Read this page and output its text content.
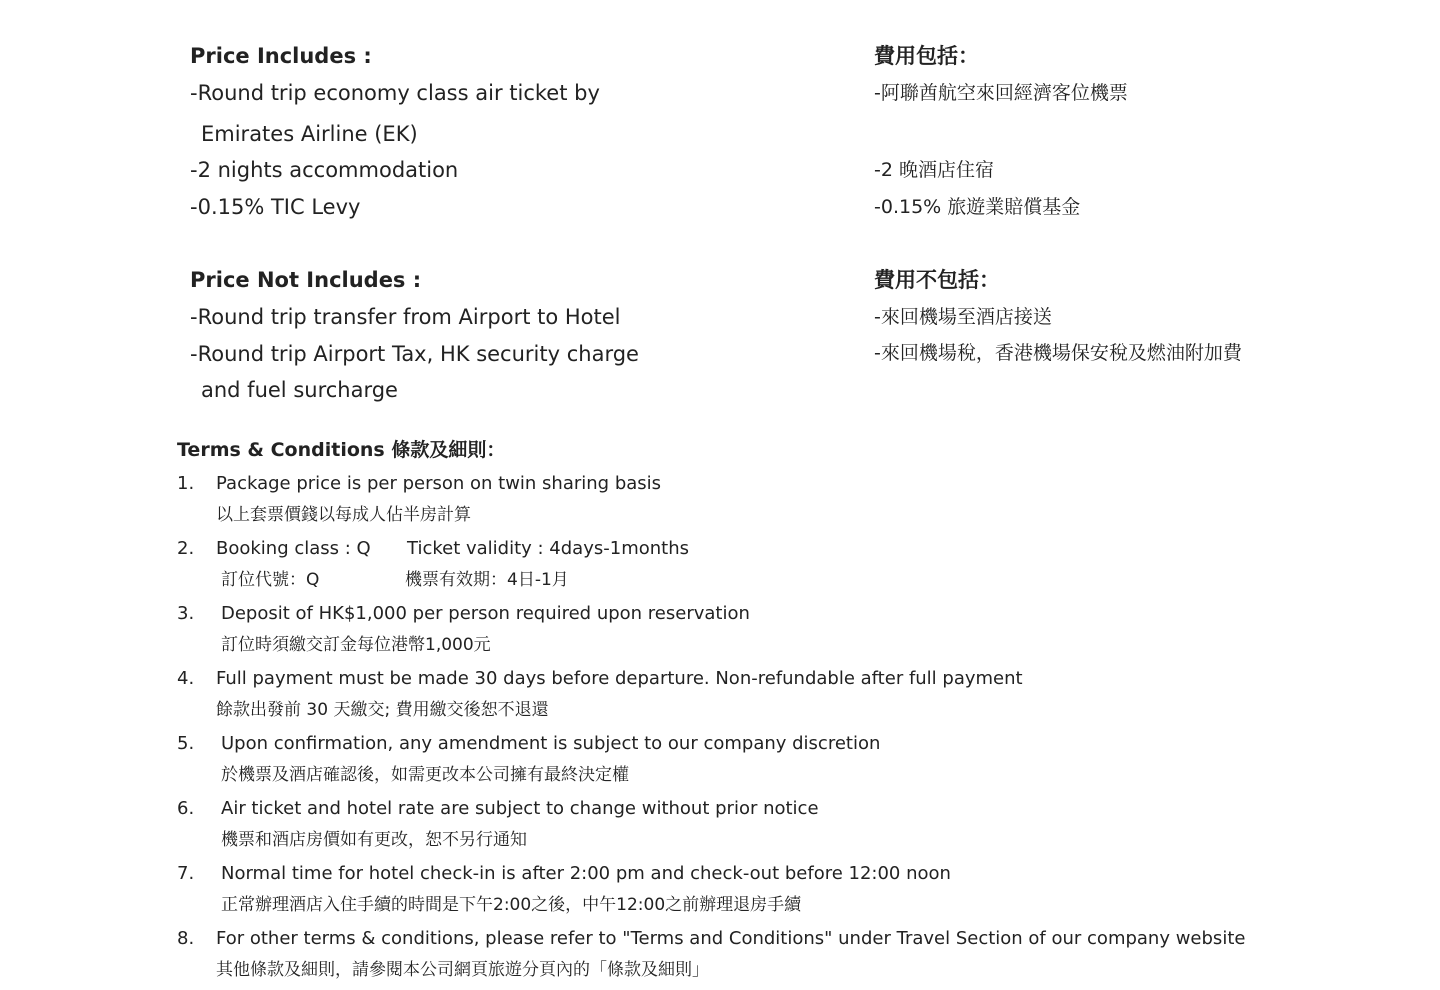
Price Includes :
-Round trip economy class air ticket by
Emirates Airline (EK)
-2 nights accommodation
-0.15% TIC Levy
費用包括：
-阿聯酋航空來回經濟客位機票
-2 晚酒店住宿
-0.15% 旅遊業賠償基金
Price Not Includes :
-Round trip transfer from Airport to Hotel
-Round trip Airport Tax, HK security charge
and fuel surcharge
費用不包括：
-來回機場至酒店接送
-來回機場稅，香港機場保安稅及燃油附加費
Terms & Conditions 條款及細則：
1. Package price is per person on twin sharing basis
以上套票價錢以每成人佔半房計算
2. Booking class : Q Ticket validity : 4days-1months
訂位代號：Q	機票有效期：4日-1月
3. Deposit of HK$1,000 per person required upon reservation
訂位時須繳交訂金每位港幣1,000元
4. Full payment must be made 30 days before departure. Non-refundable after full payment
餘款出發前 30 天繳交; 費用繳交後恕不退還
5. Upon confirmation, any amendment is subject to our company discretion
於機票及酒店確認後，如需更改本公司擁有最終決定權
6. Air ticket and hotel rate are subject to change without prior notice
機票和酒店房價如有更改，恕不另行通知
7. Normal time for hotel check-in is after 2:00 pm and check-out before 12:00 noon
正常辦理酒店入住手續的時間是下午2:00之後，中午12:00之前辦理退房手續
8. For other terms & conditions, please refer to "Terms and Conditions" under Travel Section of our company website
其他條款及細則，請參閱本公司網頁旅遊分頁內的「條款及細則」
